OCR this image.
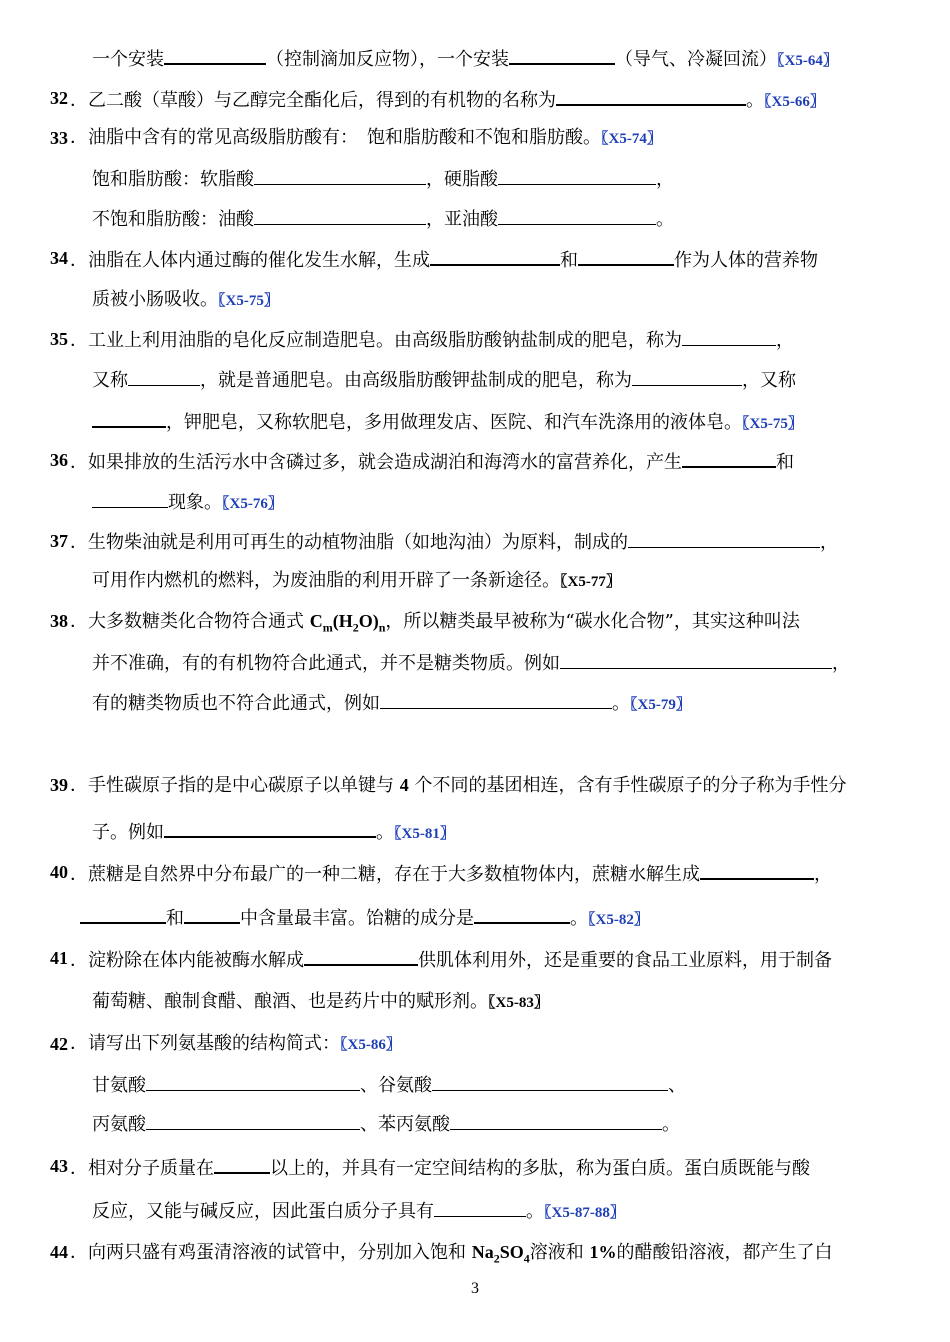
一个安装	（控制滴加反应物），一个安装	（导气、冷凝回流）〖X5-64〗
32 ．乙二酸（草酸）与乙醇完全酯化后，得到的有机物的名称为	。〖X5-66〗
33 ．油脂中含有的常见高级脂肪酸有：　饱和脂肪酸和不饱和脂肪酸。〖X5-74〗
饱和脂肪酸：软脂酸	，硬脂酸	，
不饱和脂肪酸：油酸	，亚油酸	。
34 ．油脂在人体内通过酶的催化发生水解，生成	和	作为人体的营养物
质被小肠吸收。〖X5-75〗
35 ．工业上利用油脂的皂化反应制造肥皂。由高级脂肪酸钠盐制成的肥皂，称为	，
又称	，就是普通肥皂。由高级脂肪酸钾盐制成的肥皂，称为	，又称
，钾肥皂，又称软肥皂，多用做理发店、医院、和汽车洗涤用的液体皂。〖X5-75〗
36 ．如果排放的生活污水中含磷过多，就会造成湖泊和海湾水的富营养化，产生	和
现象。〖X5-76〗
37 ．生物柴油就是利用可再生的动植物油脂（如地沟油）为原料，制成的	，
可用作内燃机的燃料，为废油脂的利用开辟了一条新途径。〖X5-77〗
38 ．大多数糖类化合物符合通式 $C_m(H_2O)_n$，所以糖类最早被称为“碳水化合物”，其实这种叫法
并不准确，有的有机物符合此通式，并不是糖类物质。例如	，
有的糖类物质也不符合此通式，例如	。〖X5-79〗
39 ．手性碳原子指的是中心碳原子以单键与 4 个不同的基团相连，含有手性碳原子的分子称为手性分
子。例如	。〖X5-81〗
40 ．蔗糖是自然界中分布最广的一种二糖，存在于大多数植物体内，蔗糖水解生成	，
和	中含量最丰富。饴糖的成分是	。〖X5-82〗
41 ．淀粉除在体内能被酶水解成	供肌体利用外，还是重要的食品工业原料，用于制备
葡萄糖、酿制食醋、酿酒、也是药片中的赋形剂。〖X5-83〗
42 ．请写出下列氨基酸的结构简式：〖X5-86〗
甘氨酸	、谷氨酸	、
丙氨酸	、苯丙氨酸	。
43 ．相对分子质量在	以上的，并具有一定空间结构的多肽，称为蛋白质。蛋白质既能与酸
反应，又能与碱反应，因此蛋白质分子具有	。〖X5-87-88〗
44 ．向两只盛有鸡蛋清溶液的试管中，分别加入饱和 $Na_2SO_4$溶液和 1%的醋酸铅溶液，都产生了白
3
